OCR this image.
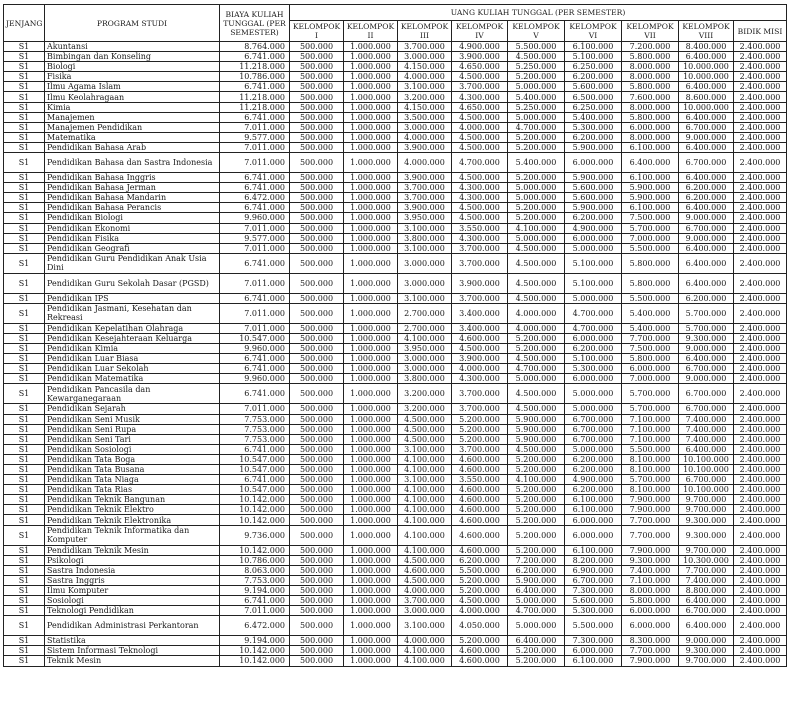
JENJANG	PROGRAM STUDI	BIAYA KULIAH TUNGGAL (PER SEMESTER)	UANG KULIAH TUNGGAL (PER SEMESTER)								
			KELOMPOK I	KELOMPOK II	KELOMPOK III	KELOMPOK IV	KELOMPOK V	KELOMPOK VI	KELOMPOK VII	KELOMPOK VIII	BIDIK MISI
S1	Akuntansi	8.764.000	500.000	1.000.000	3.700.000	4.900.000	5.500.000	6.100.000	7.200.000	8.400.000	2.400.000
S1	Bimbingan dan Konseling	6.741.000	500.000	1.000.000	3.000.000	3.900.000	4.500.000	5.100.000	5.800.000	6.400.000	2.400.000
S1	Biologi	11.218.000	500.000	1.000.000	4.150.000	4.650.000	5.250.000	6.250.000	8.000.000	10.000.000	2.400.000
S1	Fisika	10.786.000	500.000	1.000.000	4.000.000	4.500.000	5.200.000	6.200.000	8.000.000	10.000.000	2.400.000
S1	Ilmu Agama Islam	6.741.000	500.000	1.000.000	3.100.000	3.700.000	5.000.000	5.600.000	5.800.000	6.400.000	2.400.000
S1	Ilmu Keolahragaan	11.218.000	500.000	1.000.000	3.200.000	4.300.000	5.400.000	6.500.000	7.600.000	8.600.000	2.400.000
S1	Kimia	11.218.000	500.000	1.000.000	4.150.000	4.650.000	5.250.000	6.250.000	8.000.000	10.000.000	2.400.000
S1	Manajemen	6.741.000	500.000	1.000.000	3.500.000	4.500.000	5.000.000	5.400.000	5.800.000	6.400.000	2.400.000
S1	Manajemen Pendidikan	7.011.000	500.000	1.000.000	3.000.000	4.000.000	4.700.000	5.300.000	6.000.000	6.700.000	2.400.000
S1	Matematika	9.577.000	500.000	1.000.000	4.000.000	4.500.000	5.200.000	6.200.000	8.000.000	9.000.000	2.400.000
S1	Pendidikan Bahasa Arab	7.011.000	500.000	1.000.000	3.900.000	4.500.000	5.200.000	5.900.000	6.100.000	6.400.000	2.400.000
S1	Pendidikan Bahasa dan Sastra Indonesia	7.011.000	500.000	1.000.000	4.000.000	4.700.000	5.400.000	6.000.000	6.400.000	6.700.000	2.400.000
S1	Pendidikan Bahasa Inggris	6.741.000	500.000	1.000.000	3.900.000	4.500.000	5.200.000	5.900.000	6.100.000	6.400.000	2.400.000
S1	Pendidikan Bahasa Jerman	6.741.000	500.000	1.000.000	3.700.000	4.300.000	5.000.000	5.600.000	5.900.000	6.200.000	2.400.000
S1	Pendidikan Bahasa Mandarin	6.472.000	500.000	1.000.000	3.700.000	4.300.000	5.000.000	5.600.000	5.900.000	6.200.000	2.400.000
S1	Pendidikan Bahasa Perancis	6.741.000	500.000	1.000.000	3.900.000	4.500.000	5.200.000	5.900.000	6.100.000	6.400.000	2.400.000
S1	Pendidikan Biologi	9.960.000	500.000	1.000.000	3.950.000	4.500.000	5.200.000	6.200.000	7.500.000	9.000.000	2.400.000
S1	Pendidikan Ekonomi	7.011.000	500.000	1.000.000	3.100.000	3.550.000	4.100.000	4.900.000	5.700.000	6.700.000	2.400.000
S1	Pendidikan Fisika	9.577.000	500.000	1.000.000	3.800.000	4.300.000	5.000.000	6.000.000	7.000.000	9.000.000	2.400.000
S1	Pendidikan Geografi	7.011.000	500.000	1.000.000	3.100.000	3.700.000	4.500.000	5.000.000	5.500.000	6.400.000	2.400.000
S1	Pendidikan Guru Pendidikan Anak Usia Dini	6.741.000	500.000	1.000.000	3.000.000	3.700.000	4.500.000	5.100.000	5.800.000	6.400.000	2.400.000
S1	Pendidikan Guru Sekolah Dasar (PGSD)	7.011.000	500.000	1.000.000	3.000.000	3.900.000	4.500.000	5.100.000	5.800.000	6.400.000	2.400.000
S1	Pendidikan IPS	6.741.000	500.000	1.000.000	3.100.000	3.700.000	4.500.000	5.000.000	5.500.000	6.200.000	2.400.000
S1	Pendidikan Jasmani, Kesehatan dan Rekreasi	7.011.000	500.000	1.000.000	2.700.000	3.400.000	4.000.000	4.700.000	5.400.000	5.700.000	2.400.000
S1	Pendidikan Kepelatihan Olahraga	7.011.000	500.000	1.000.000	2.700.000	3.400.000	4.000.000	4.700.000	5.400.000	5.700.000	2.400.000
S1	Pendidikan Kesejahteraan Keluarga	10.547.000	500.000	1.000.000	4.100.000	4.600.000	5.200.000	6.000.000	7.700.000	9.300.000	2.400.000
S1	Pendidikan Kimia	9.960.000	500.000	1.000.000	3.950.000	4.500.000	5.200.000	6.200.000	7.500.000	9.000.000	2.400.000
S1	Pendidikan Luar Biasa	6.741.000	500.000	1.000.000	3.000.000	3.900.000	4.500.000	5.100.000	5.800.000	6.400.000	2.400.000
S1	Pendidikan Luar Sekolah	6.741.000	500.000	1.000.000	3.000.000	4.000.000	4.700.000	5.300.000	6.000.000	6.700.000	2.400.000
S1	Pendidikan Matematika	9.960.000	500.000	1.000.000	3.800.000	4.300.000	5.000.000	6.000.000	7.000.000	9.000.000	2.400.000
S1	Pendidikan Pancasila dan Kewarganegaraan	6.741.000	500.000	1.000.000	3.200.000	3.700.000	4.500.000	5.000.000	5.700.000	6.700.000	2.400.000
S1	Pendidikan Sejarah	7.011.000	500.000	1.000.000	3.200.000	3.700.000	4.500.000	5.000.000	5.700.000	6.700.000	2.400.000
S1	Pendidikan Seni Musik	7.753.000	500.000	1.000.000	4.500.000	5.200.000	5.900.000	6.700.000	7.100.000	7.400.000	2.400.000
S1	Pendidikan Seni Rupa	7.753.000	500.000	1.000.000	4.500.000	5.200.000	5.900.000	6.700.000	7.100.000	7.400.000	2.400.000
S1	Pendidikan Seni Tari	7.753.000	500.000	1.000.000	4.500.000	5.200.000	5.900.000	6.700.000	7.100.000	7.400.000	2.400.000
S1	Pendidikan Sosiologi	6.741.000	500.000	1.000.000	3.100.000	3.700.000	4.500.000	5.000.000	5.500.000	6.400.000	2.400.000
S1	Pendidikan Tata Boga	10.547.000	500.000	1.000.000	4.100.000	4.600.000	5.200.000	6.200.000	8.100.000	10.100.000	2.400.000
S1	Pendidikan Tata Busana	10.547.000	500.000	1.000.000	4.100.000	4.600.000	5.200.000	6.200.000	8.100.000	10.100.000	2.400.000
S1	Pendidikan Tata Niaga	6.741.000	500.000	1.000.000	3.100.000	3.550.000	4.100.000	4.900.000	5.700.000	6.700.000	2.400.000
S1	Pendidikan Tata Rias	10.547.000	500.000	1.000.000	4.100.000	4.600.000	5.200.000	6.200.000	8.100.000	10.100.000	2.400.000
S1	Pendidikan Teknik Bangunan	10.142.000	500.000	1.000.000	4.100.000	4.600.000	5.200.000	6.100.000	7.900.000	9.700.000	2.400.000
S1	Pendidikan Teknik Elektro	10.142.000	500.000	1.000.000	4.100.000	4.600.000	5.200.000	6.100.000	7.900.000	9.700.000	2.400.000
S1	Pendidikan Teknik Elektronika	10.142.000	500.000	1.000.000	4.100.000	4.600.000	5.200.000	6.000.000	7.700.000	9.300.000	2.400.000
S1	Pendidikan Teknik Informatika dan Komputer	9.736.000	500.000	1.000.000	4.100.000	4.600.000	5.200.000	6.000.000	7.700.000	9.300.000	2.400.000
S1	Pendidikan Teknik Mesin	10.142.000	500.000	1.000.000	4.100.000	4.600.000	5.200.000	6.100.000	7.900.000	9.700.000	2.400.000
S1	Psikologi	10.786.000	500.000	1.000.000	4.500.000	6.200.000	7.200.000	8.200.000	9.300.000	10.300.000	2.400.000
S1	Sastra Indonesia	8.063.000	500.000	1.000.000	4.600.000	5.500.000	6.200.000	6.900.000	7.400.000	7.700.000	2.400.000
S1	Sastra Inggris	7.753.000	500.000	1.000.000	4.500.000	5.200.000	5.900.000	6.700.000	7.100.000	7.400.000	2.400.000
S1	Ilmu Komputer	9.194.000	500.000	1.000.000	4.000.000	5.200.000	6.400.000	7.300.000	8.000.000	8.800.000	2.400.000
S1	Sosiologi	6.741.000	500.000	1.000.000	3.700.000	4.500.000	5.000.000	5.600.000	5.800.000	6.400.000	2.400.000
S1	Teknologi Pendidikan	7.011.000	500.000	1.000.000	3.000.000	4.000.000	4.700.000	5.300.000	6.000.000	6.700.000	2.400.000
S1	Pendidikan Administrasi Perkantoran	6.472.000	500.000	1.000.000	3.100.000	4.050.000	5.000.000	5.500.000	6.000.000	6.400.000	2.400.000
S1	Statistika	9.194.000	500.000	1.000.000	4.000.000	5.200.000	6.400.000	7.300.000	8.300.000	9.000.000	2.400.000
S1	Sistem Informasi Teknologi	10.142.000	500.000	1.000.000	4.100.000	4.600.000	5.200.000	6.000.000	7.700.000	9.300.000	2.400.000
S1	Teknik Mesin	10.142.000	500.000	1.000.000	4.100.000	4.600.000	5.200.000	6.100.000	7.900.000	9.700.000	2.400.000
